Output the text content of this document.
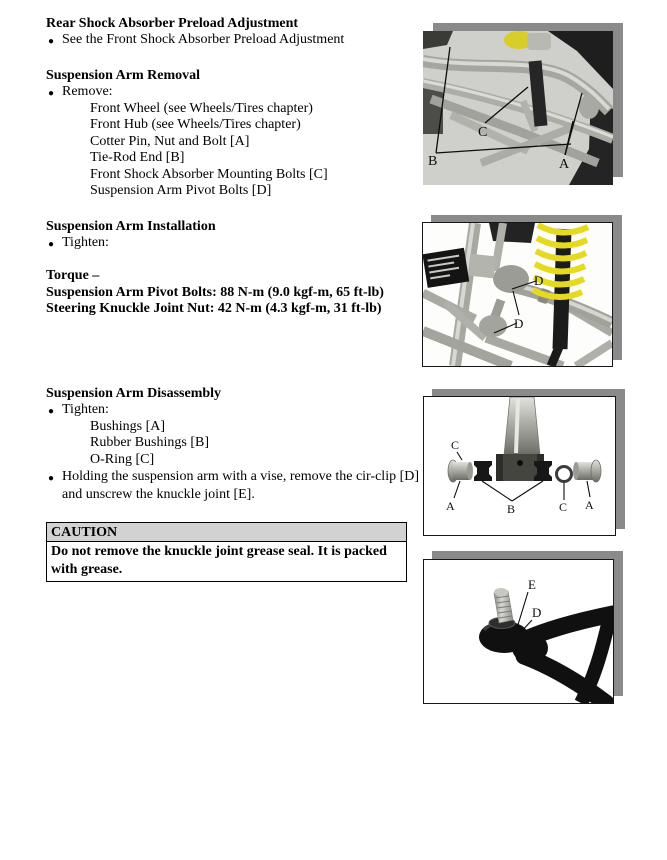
Rear Shock Absorber Preload Adjustment
● See the Front Shock Absorber Preload Adjustment
Suspension Arm Removal
● Remove:
Front Wheel (see Wheels/Tires chapter)
Front Hub (see Wheels/Tires chapter)
Cotter Pin, Nut and Bolt [A]
Tie-Rod End [B]
Front Shock Absorber Mounting Bolts [C]
Suspension Arm Pivot Bolts [D]
Suspension Arm Installation
● Tighten:
Torque –
Suspension Arm Pivot Bolts: 88 N-m (9.0 kgf-m, 65 ft-lb)
Steering Knuckle Joint Nut: 42 N-m (4.3 kgf-m, 31 ft-lb)
Suspension Arm Disassembly
● Tighten:
Bushings [A]
Rubber Bushings [B]
O-Ring [C]
● Holding the suspension arm with a vise, remove the cir-clip [D] and unscrew the knuckle joint [E].
CAUTION
Do not remove the knuckle joint grease seal. It is packed with grease.
B
C
A
D
D
C
A	B	C A
E
D
